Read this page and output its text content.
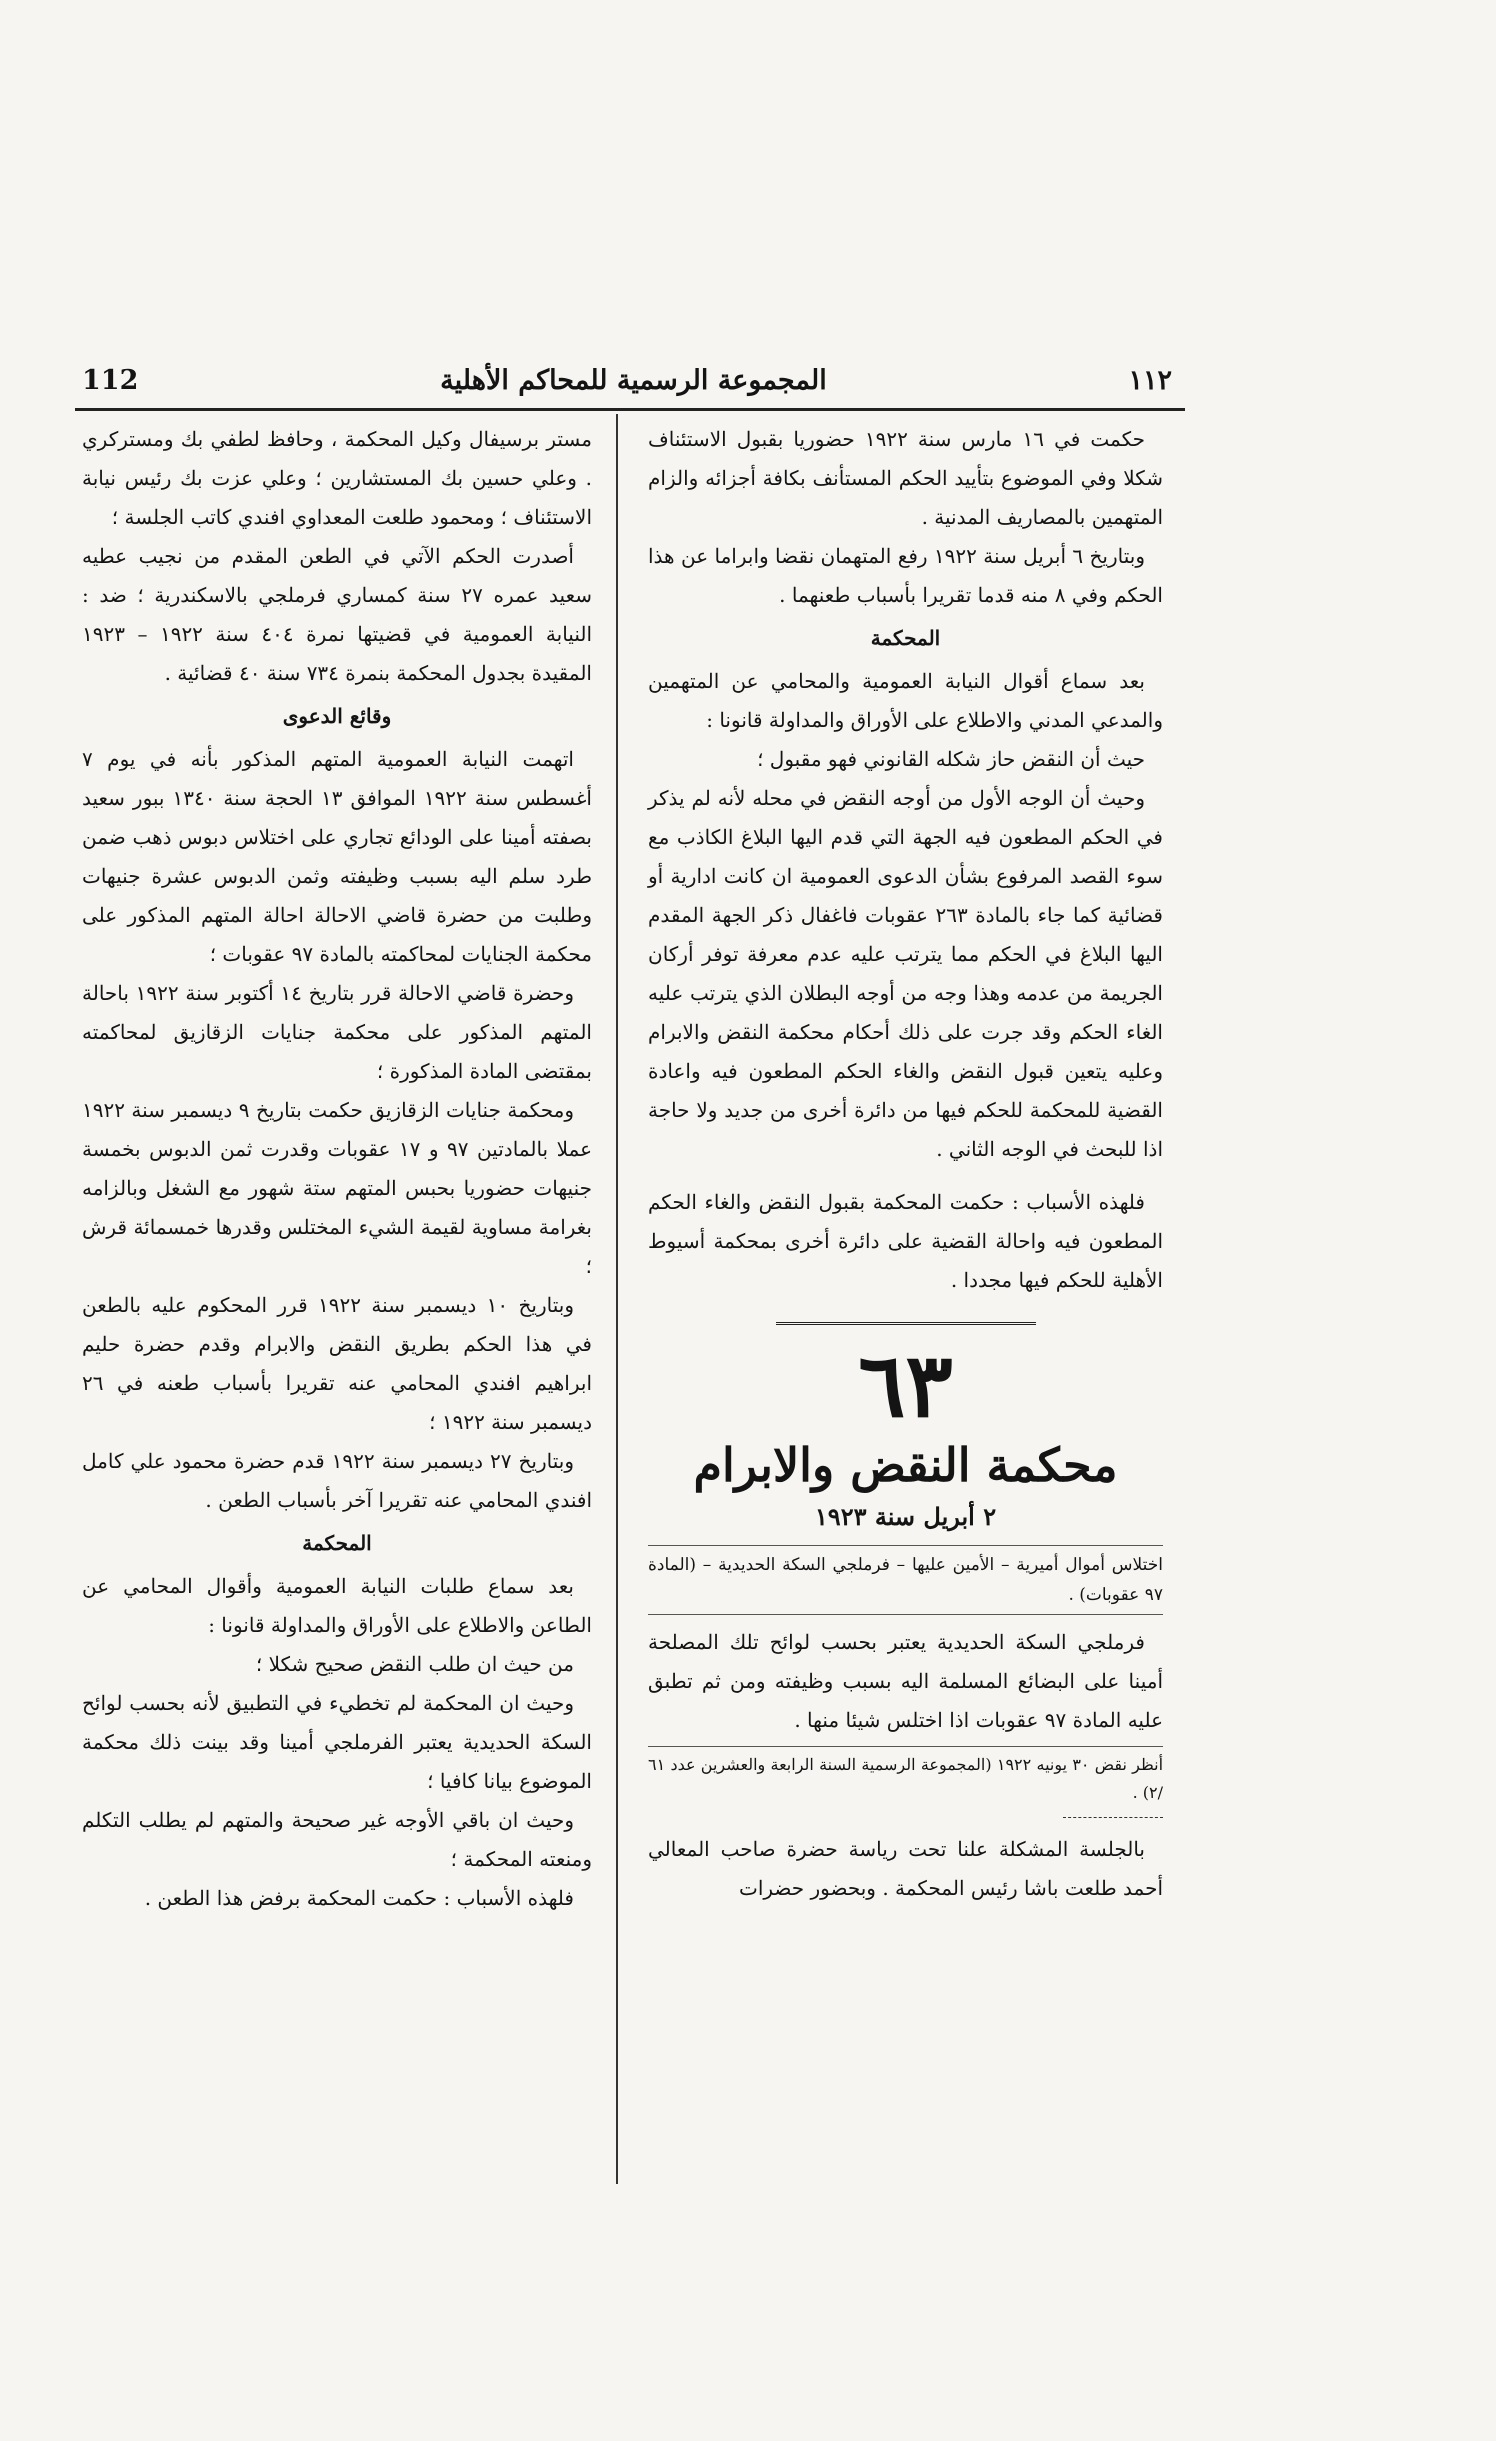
112	المجموعة الرسمية للمحاكم الأهلية	١١٢

حكمت في ١٦ مارس سنة ١٩٢٢ حضوريا بقبول الاستئناف شكلا وفي الموضوع بتأييد الحكم المستأنف بكافة أجزائه والزام المتهمين بالمصاريف المدنية .

وبتاريخ ٦ أبريل سنة ١٩٢٢ رفع المتهمان نقضا وابراما عن هذا الحكم وفي ٨ منه قدما تقريرا بأسباب طعنهما .

المحكمة

بعد سماع أقوال النيابة العمومية والمحامي عن المتهمين والمدعي المدني والاطلاع على الأوراق والمداولة قانونا :

حيث أن النقض حاز شكله القانوني فهو مقبول ؛

وحيث أن الوجه الأول من أوجه النقض في محله لأنه لم يذكر في الحكم المطعون فيه الجهة التي قدم اليها البلاغ الكاذب مع سوء القصد المرفوع بشأن الدعوى العمومية ان كانت ادارية أو قضائية كما جاء بالمادة ٢٦٣ عقوبات فاغفال ذكر الجهة المقدم اليها البلاغ في الحكم مما يترتب عليه عدم معرفة توفر أركان الجريمة من عدمه وهذا وجه من أوجه البطلان الذي يترتب عليه الغاء الحكم وقد جرت على ذلك أحكام محكمة النقض والابرام وعليه يتعين قبول النقض والغاء الحكم المطعون فيه واعادة القضية للمحكمة للحكم فيها من دائرة أخرى من جديد ولا حاجة اذا للبحث في الوجه الثاني .

فلهذه الأسباب : حكمت المحكمة بقبول النقض والغاء الحكم المطعون فيه واحالة القضية على دائرة أخرى بمحكمة أسيوط الأهلية للحكم فيها مجددا .

٦٣
محكمة النقض والابرام
٢ أبريل سنة ١٩٢٣
اختلاس أموال أميرية – الأمين عليها – فرملجي السكة الحديدية – (المادة ٩٧ عقوبات) .

فرملجي السكة الحديدية يعتبر بحسب لوائح تلك المصلحة أمينا على البضائع المسلمة اليه بسبب وظيفته ومن ثم تطبق عليه المادة ٩٧ عقوبات اذا اختلس شيئا منها .

أنظر نقض ٣٠ يونيه ١٩٢٢ (المجموعة الرسمية السنة الرابعة والعشرين عدد ٦١ /٢) .

بالجلسة المشكلة علنا تحت رياسة حضرة صاحب المعالي أحمد طلعت باشا رئيس المحكمة . وبحضور حضرات

مستر برسيفال وكيل المحكمة ، وحافظ لطفي بك ومستركري . وعلي حسين بك المستشارين ؛ وعلي عزت بك رئيس نيابة الاستئناف ؛ ومحمود طلعت المعداوي افندي كاتب الجلسة ؛

أصدرت الحكم الآتي في الطعن المقدم من نجيب عطيه سعيد عمره ٢٧ سنة كمساري فرملجي بالاسكندرية ؛ ضد : النيابة العمومية في قضيتها نمرة ٤٠٤ سنة ١٩٢٢ – ١٩٢٣ المقيدة بجدول المحكمة بنمرة ٧٣٤ سنة ٤٠ قضائية .

وقائع الدعوى

اتهمت النيابة العمومية المتهم المذكور بأنه في يوم ٧ أغسطس سنة ١٩٢٢ الموافق ١٣ الحجة سنة ١٣٤٠ ببور سعيد بصفته أمينا على الودائع تجاري على اختلاس دبوس ذهب ضمن طرد سلم اليه بسبب وظيفته وثمن الدبوس عشرة جنيهات وطلبت من حضرة قاضي الاحالة احالة المتهم المذكور على محكمة الجنايات لمحاكمته بالمادة ٩٧ عقوبات ؛

وحضرة قاضي الاحالة قرر بتاريخ ١٤ أكتوبر سنة ١٩٢٢ باحالة المتهم المذكور على محكمة جنايات الزقازيق لمحاكمته بمقتضى المادة المذكورة ؛

ومحكمة جنايات الزقازيق حكمت بتاريخ ٩ ديسمبر سنة ١٩٢٢ عملا بالمادتين ٩٧ و ١٧ عقوبات وقدرت ثمن الدبوس بخمسة جنيهات حضوريا بحبس المتهم ستة شهور مع الشغل وبالزامه بغرامة مساوية لقيمة الشيء المختلس وقدرها خمسمائة قرش ؛

وبتاريخ ١٠ ديسمبر سنة ١٩٢٢ قرر المحكوم عليه بالطعن في هذا الحكم بطريق النقض والابرام وقدم حضرة حليم ابراهيم افندي المحامي عنه تقريرا بأسباب طعنه في ٢٦ ديسمبر سنة ١٩٢٢ ؛

وبتاريخ ٢٧ ديسمبر سنة ١٩٢٢ قدم حضرة محمود علي كامل افندي المحامي عنه تقريرا آخر بأسباب الطعن .

المحكمة

بعد سماع طلبات النيابة العمومية وأقوال المحامي عن الطاعن والاطلاع على الأوراق والمداولة قانونا :

من حيث ان طلب النقض صحيح شكلا ؛

وحيث ان المحكمة لم تخطيء في التطبيق لأنه بحسب لوائح السكة الحديدية يعتبر الفرملجي أمينا وقد بينت ذلك محكمة الموضوع بيانا كافيا ؛

وحيث ان باقي الأوجه غير صحيحة والمتهم لم يطلب التكلم ومنعته المحكمة ؛

فلهذه الأسباب : حكمت المحكمة برفض هذا الطعن .
